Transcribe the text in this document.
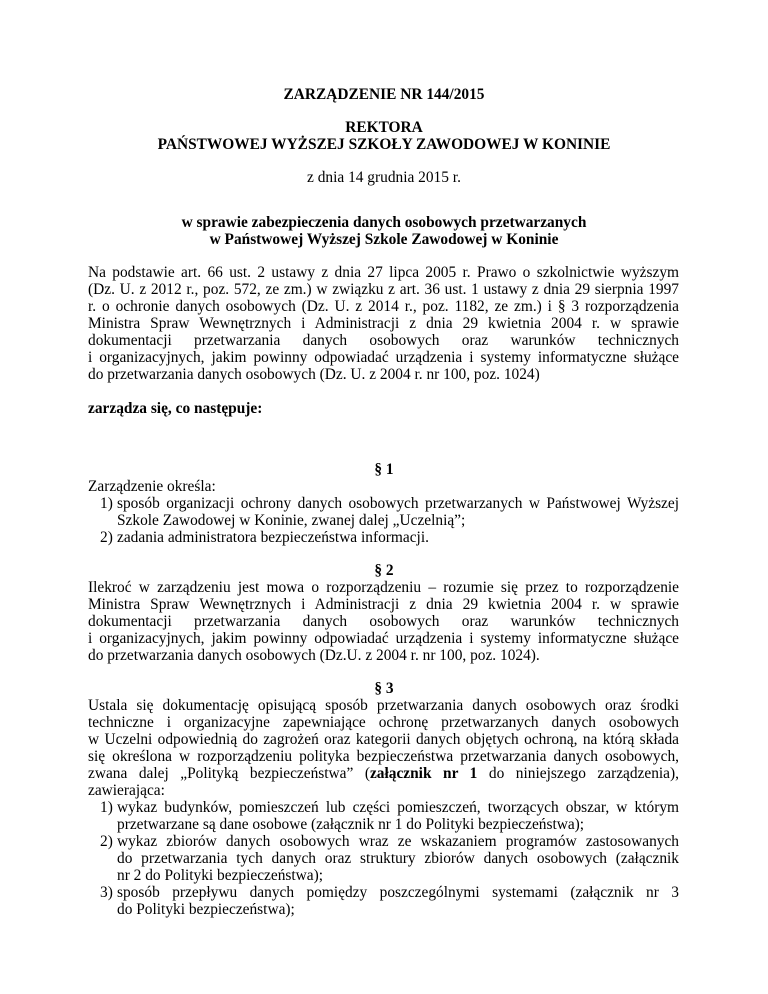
ZARZĄDZENIE NR 144/2015
REKTORA
PAŃSTWOWEJ WYŻSZEJ SZKOŁY ZAWODOWEJ W KONINIE
z dnia 14 grudnia 2015 r.
w sprawie zabezpieczenia danych osobowych przetwarzanych
w Państwowej Wyższej Szkole Zawodowej w Koninie
Na podstawie art. 66 ust. 2 ustawy z dnia 27 lipca 2005 r. Prawo o szkolnictwie wyższym
(Dz. U. z 2012 r., poz. 572, ze zm.) w związku z art. 36 ust. 1 ustawy z dnia 29 sierpnia 1997
r. o ochronie danych osobowych (Dz. U. z 2014 r., poz. 1182, ze zm.) i § 3 rozporządzenia
Ministra Spraw Wewnętrznych i Administracji z dnia 29 kwietnia 2004 r. w sprawie
dokumentacji przetwarzania danych osobowych oraz warunków technicznych
i organizacyjnych, jakim powinny odpowiadać urządzenia i systemy informatyczne służące
do przetwarzania danych osobowych (Dz. U. z 2004 r. nr 100, poz. 1024)
zarządza się, co następuje:
§ 1
Zarządzenie określa:
1) sposób organizacji ochrony danych osobowych przetwarzanych w Państwowej Wyższej
Szkole Zawodowej w Koninie, zwanej dalej „Uczelnią”;
2) zadania administratora bezpieczeństwa informacji.
§ 2
Ilekroć w zarządzeniu jest mowa o rozporządzeniu – rozumie się przez to rozporządzenie
Ministra Spraw Wewnętrznych i Administracji z dnia 29 kwietnia 2004 r. w sprawie
dokumentacji przetwarzania danych osobowych oraz warunków technicznych
i organizacyjnych, jakim powinny odpowiadać urządzenia i systemy informatyczne służące
do przetwarzania danych osobowych (Dz.U. z 2004 r. nr 100, poz. 1024).
§ 3
Ustala się dokumentację opisującą sposób przetwarzania danych osobowych oraz środki
techniczne i organizacyjne zapewniające ochronę przetwarzanych danych osobowych
w Uczelni odpowiednią do zagrożeń oraz kategorii danych objętych ochroną, na którą składa
się określona w rozporządzeniu polityka bezpieczeństwa przetwarzania danych osobowych,
zwana dalej „Polityką bezpieczeństwa” (załącznik nr 1 do niniejszego zarządzenia),
zawierająca:
1) wykaz budynków, pomieszczeń lub części pomieszczeń, tworzących obszar, w którym
przetwarzane są dane osobowe (załącznik nr 1 do Polityki bezpieczeństwa);
2) wykaz zbiorów danych osobowych wraz ze wskazaniem programów zastosowanych
do przetwarzania tych danych oraz struktury zbiorów danych osobowych (załącznik
nr 2 do Polityki bezpieczeństwa);
3) sposób przepływu danych pomiędzy poszczególnymi systemami (załącznik nr 3
do Polityki bezpieczeństwa);
